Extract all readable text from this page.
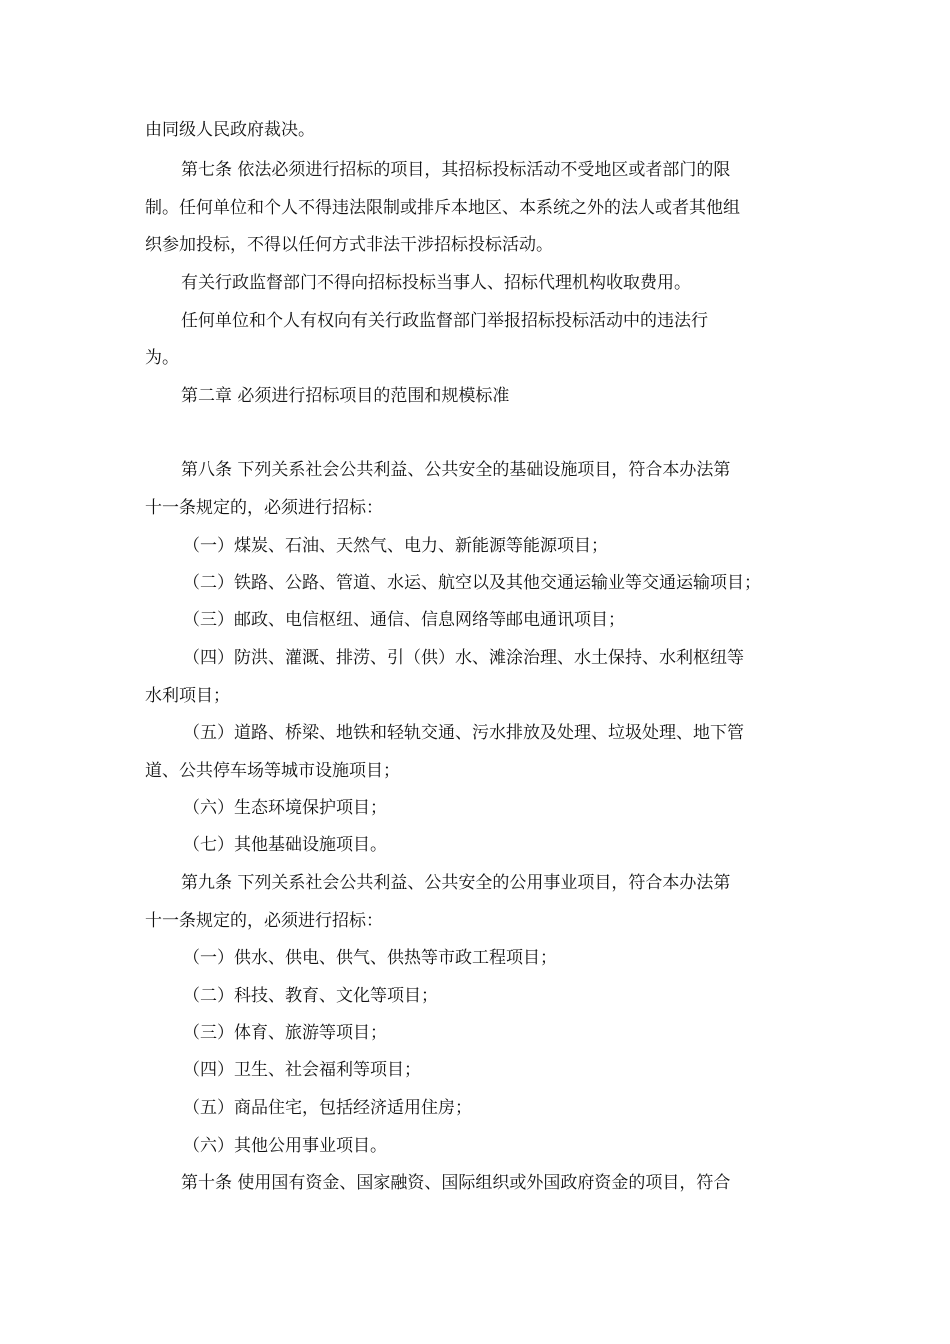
由同级人民政府裁决。
第七条 依法必须进行招标的项目，其招标投标活动不受地区或者部门的限
制。任何单位和个人不得违法限制或排斥本地区、本系统之外的法人或者其他组
织参加投标，不得以任何方式非法干涉招标投标活动。
有关行政监督部门不得向招标投标当事人、招标代理机构收取费用。
任何单位和个人有权向有关行政监督部门举报招标投标活动中的违法行
为。
第二章 必须进行招标项目的范围和规模标准
第八条 下列关系社会公共利益、公共安全的基础设施项目，符合本办法第
十一条规定的，必须进行招标：
（一）煤炭、石油、天然气、电力、新能源等能源项目；
（二）铁路、公路、管道、水运、航空以及其他交通运输业等交通运输项目；
（三）邮政、电信枢纽、通信、信息网络等邮电通讯项目；
（四）防洪、灌溉、排涝、引（供）水、滩涂治理、水土保持、水利枢纽等
水利项目；
（五）道路、桥梁、地铁和轻轨交通、污水排放及处理、垃圾处理、地下管
道、公共停车场等城市设施项目；
（六）生态环境保护项目；
（七）其他基础设施项目。
第九条 下列关系社会公共利益、公共安全的公用事业项目，符合本办法第
十一条规定的，必须进行招标：
（一）供水、供电、供气、供热等市政工程项目；
（二）科技、教育、文化等项目；
（三）体育、旅游等项目；
（四）卫生、社会福利等项目；
（五）商品住宅，包括经济适用住房；
（六）其他公用事业项目。
第十条 使用国有资金、国家融资、国际组织或外国政府资金的项目，符合
